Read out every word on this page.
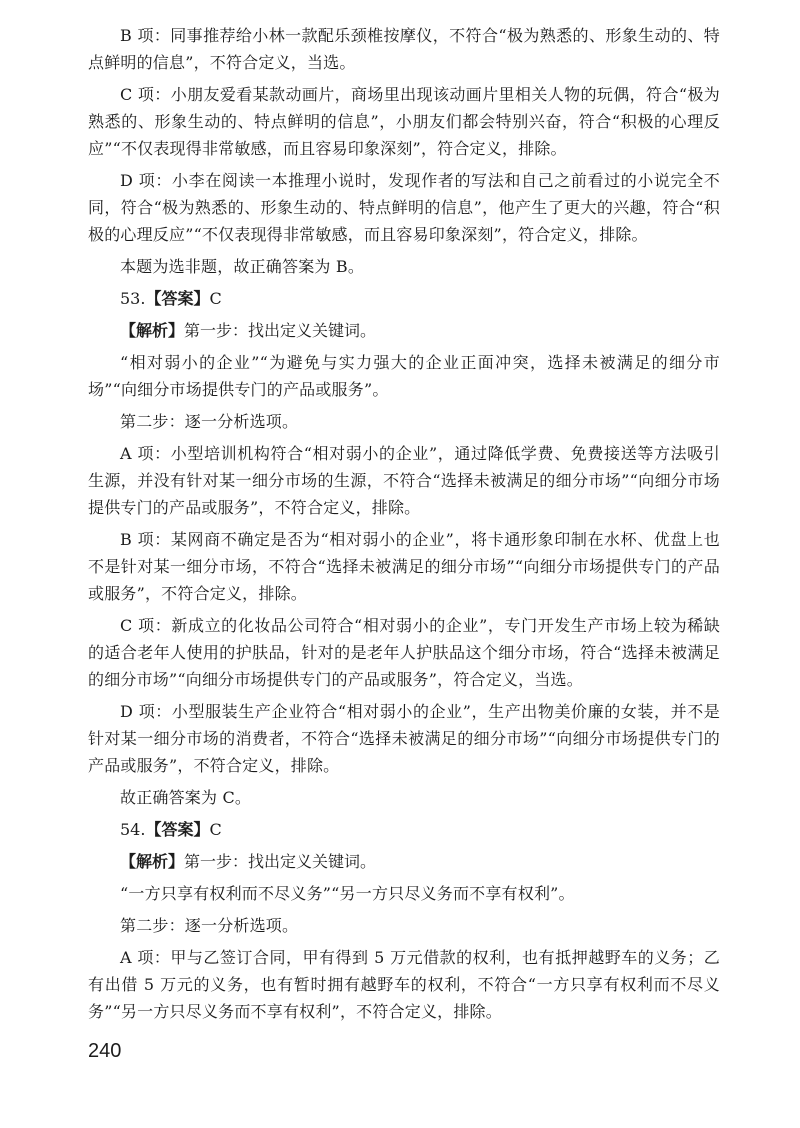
B 项：同事推荐给小林一款配乐颈椎按摩仪，不符合“极为熟悉的、形象生动的、特点鲜明的信息”，不符合定义，当选。

C 项：小朋友爱看某款动画片，商场里出现该动画片里相关人物的玩偶，符合“极为熟悉的、形象生动的、特点鲜明的信息”，小朋友们都会特别兴奋，符合“积极的心理反应”“不仅表现得非常敏感，而且容易印象深刻”，符合定义，排除。

D 项：小李在阅读一本推理小说时，发现作者的写法和自己之前看过的小说完全不同，符合“极为熟悉的、形象生动的、特点鲜明的信息”，他产生了更大的兴趣，符合“积极的心理反应”“不仅表现得非常敏感，而且容易印象深刻”，符合定义，排除。

本题为选非题，故正确答案为 B。

53.【答案】C

【解析】第一步：找出定义关键词。

“相对弱小的企业”“为避免与实力强大的企业正面冲突，选择未被满足的细分市场”“向细分市场提供专门的产品或服务”。

第二步：逐一分析选项。

A 项：小型培训机构符合“相对弱小的企业”，通过降低学费、免费接送等方法吸引生源，并没有针对某一细分市场的生源，不符合“选择未被满足的细分市场”“向细分市场提供专门的产品或服务”，不符合定义，排除。

B 项：某网商不确定是否为“相对弱小的企业”，将卡通形象印制在水杯、优盘上也不是针对某一细分市场，不符合“选择未被满足的细分市场”“向细分市场提供专门的产品或服务”，不符合定义，排除。

C 项：新成立的化妆品公司符合“相对弱小的企业”，专门开发生产市场上较为稀缺的适合老年人使用的护肤品，针对的是老年人护肤品这个细分市场，符合“选择未被满足的细分市场”“向细分市场提供专门的产品或服务”，符合定义，当选。

D 项：小型服装生产企业符合“相对弱小的企业”，生产出物美价廉的女装，并不是针对某一细分市场的消费者，不符合“选择未被满足的细分市场”“向细分市场提供专门的产品或服务”，不符合定义，排除。

故正确答案为 C。

54.【答案】C

【解析】第一步：找出定义关键词。

“一方只享有权利而不尽义务”“另一方只尽义务而不享有权利”。

第二步：逐一分析选项。

A 项：甲与乙签订合同，甲有得到 5 万元借款的权利，也有抵押越野车的义务；乙有出借 5 万元的义务，也有暂时拥有越野车的权利，不符合“一方只享有权利而不尽义务”“另一方只尽义务而不享有权利”，不符合定义，排除。

240
